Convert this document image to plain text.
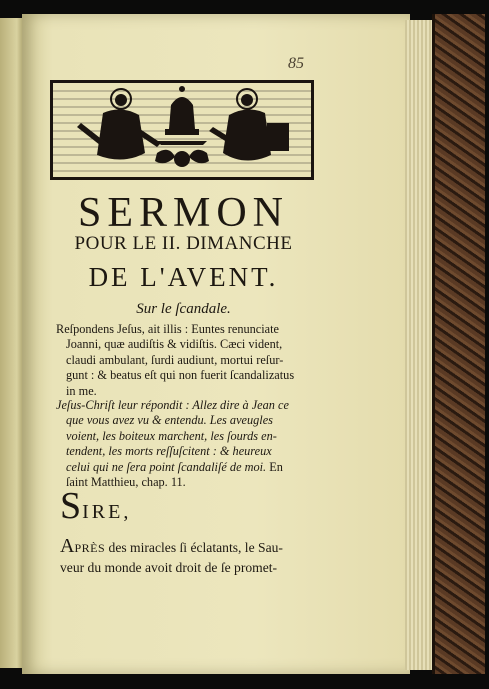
85
SERMON
POUR LE II. DIMANCHE
DE L'AVENT.
Sur le ſcandale.
Reſpondens Jeſus, ait illis : Euntes renunciate
Joanni, quæ audiſtis & vidiſtis. Cæci vident,
claudi ambulant, ſurdi audiunt, mortui reſur-
gunt : & beatus eſt qui non fuerit ſcandalizatus
in me.
Jeſus-Chriſt leur répondit : Allez dire à Jean ce
que vous avez vu & entendu. Les aveugles
voient, les boiteux marchent, les ſourds en-
tendent, les morts reſſuſcitent : & heureux
celui qui ne ſera point ſcandaliſé de moi. En
ſaint Matthieu, chap. 11.
SIRE,
APRÈS des miracles ſi éclatants, le Sau-
veur du monde avoit droit de ſe promet-
